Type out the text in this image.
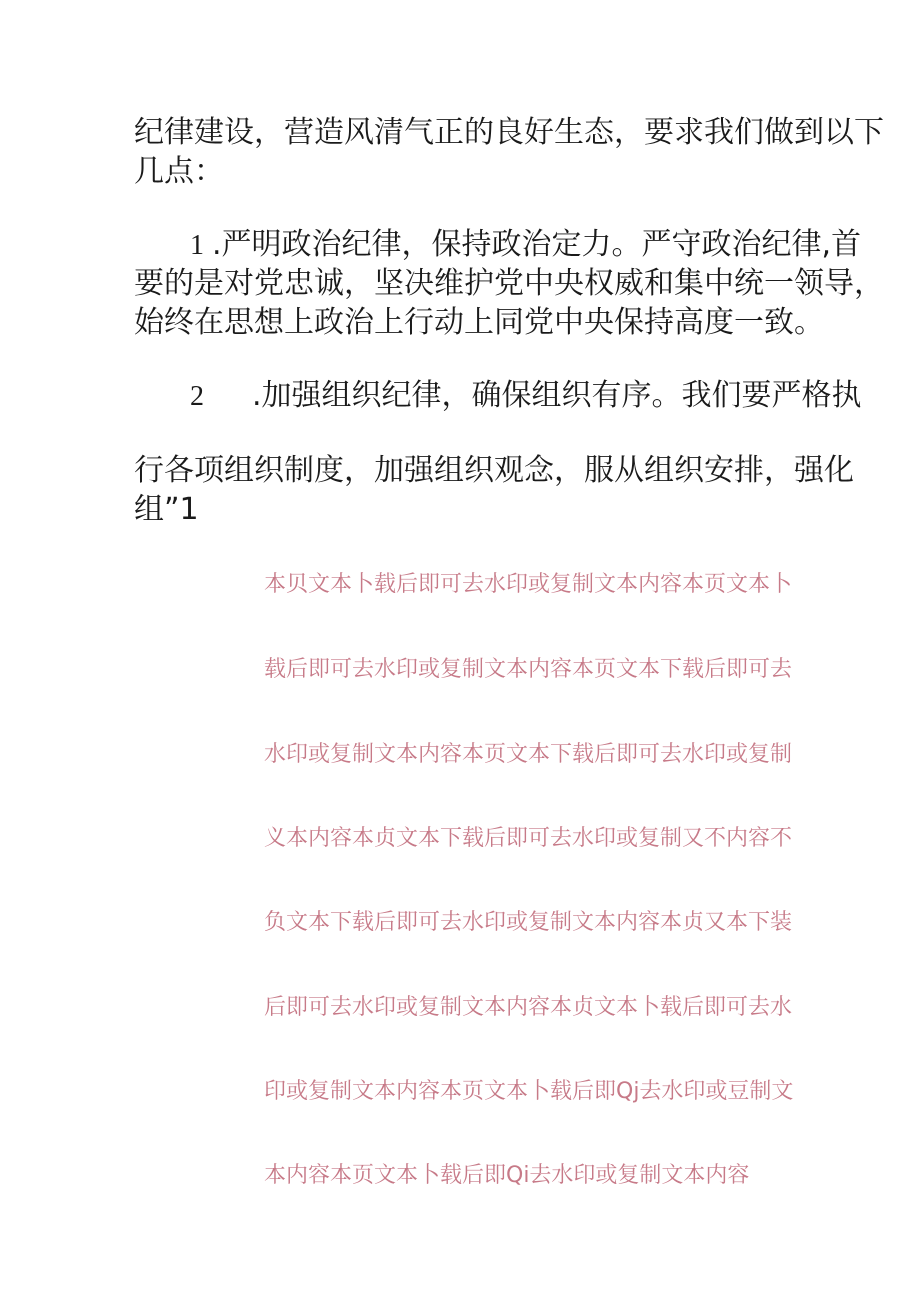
纪律建设，营造风清气正的良好生态，要求我们做到以下
几点：
1 .严明政治纪律，保持政治定力。严守政治纪律,首
要的是对党忠诚，坚决维护党中央权威和集中统一领导，
始终在思想上政治上行动上同党中央保持高度一致。
2 .加强组织纪律，确保组织有序。我们要严格执
行各项组织制度，加强组织观念，服从组织安排，强化
组”1
本贝文本卜载后即可去水印或复制文本内容本页文本卜
载后即可去水印或复制文本内容本页文本下载后即可去
水印或复制文本内容本页文本下载后即可去水印或复制
义本内容本贞文本下载后即可去水印或复制又不内容不
负文本下载后即可去水印或复制文本内容本贞又本下装
后即可去水印或复制文本内容本贞文本卜载后即可去水
印或复制文本内容本页文本卜载后即Qj去水印或豆制文
本内容本页文本卜载后即Qi去水印或复制文本内容
